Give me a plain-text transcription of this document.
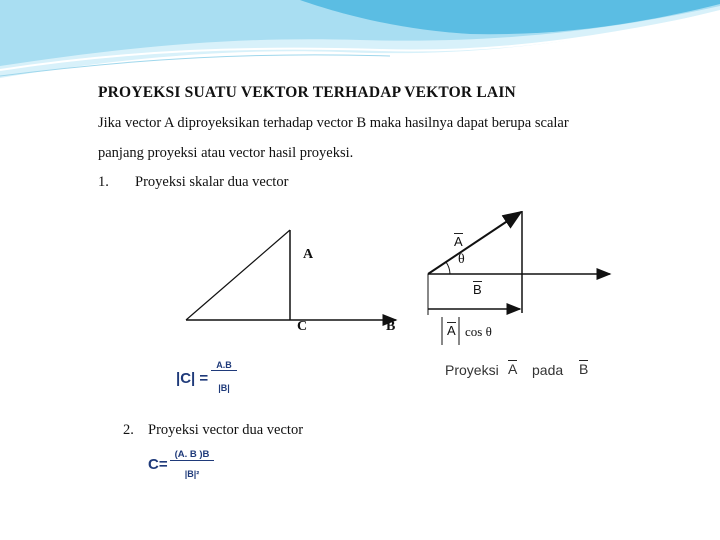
PROYEKSI SUATU VEKTOR TERHADAP VEKTOR LAIN
Jika vector A diproyeksikan terhadap vector B maka hasilnya dapat berupa scalar
panjang proyeksi atau vector hasil proyeksi.
1. Proyeksi skalar dua vector
A
C	B
A
θ
B
A cos θ
Proyeksi A pada B
|C| =
A.B
|B|
2. Proyeksi vector dua vector
C=
(A. B )B
|B|²
